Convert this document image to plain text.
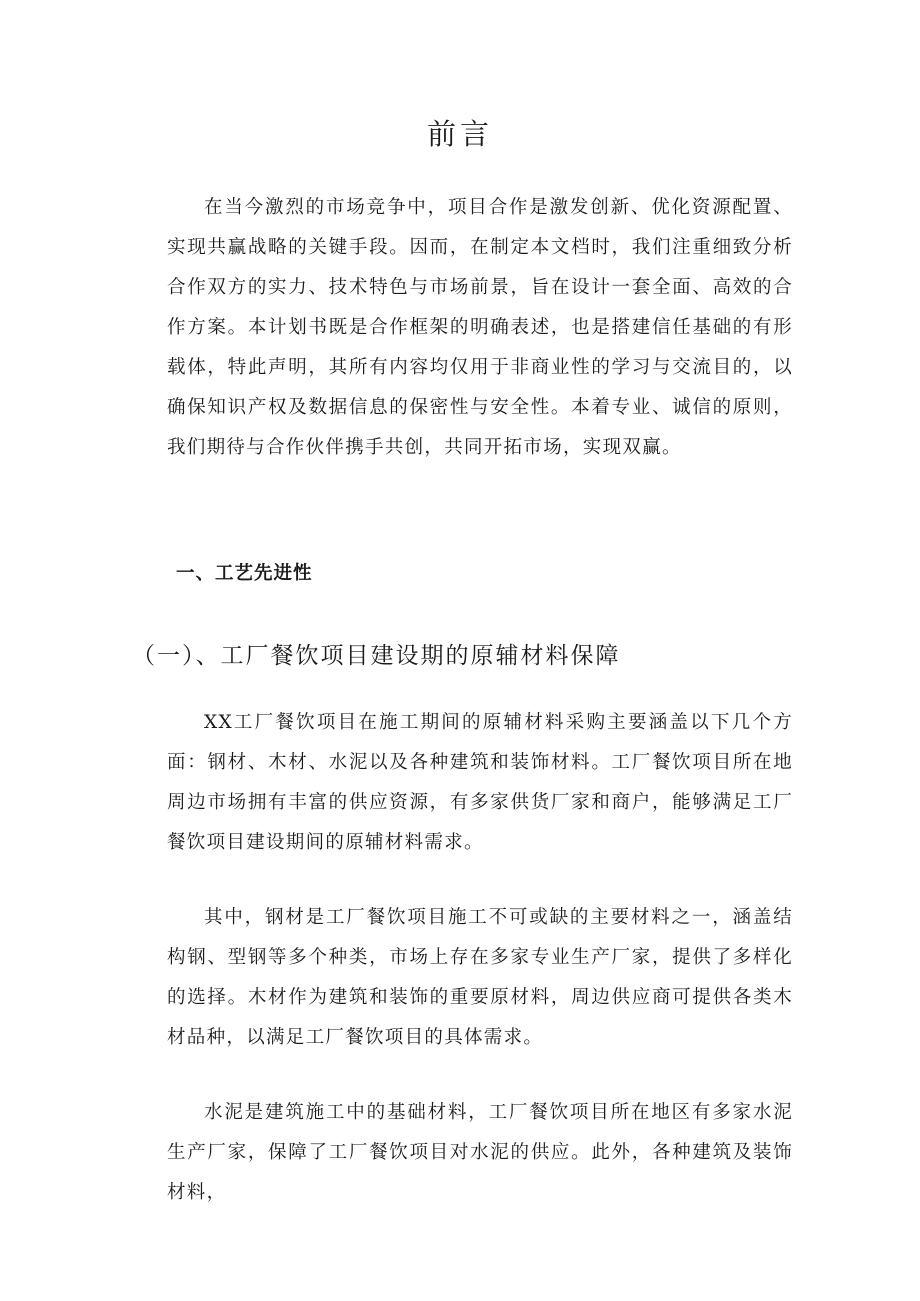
前言

在当今激烈的市场竞争中，项目合作是激发创新、优化资源配置、实现共赢战略的关键手段。因而，在制定本文档时，我们注重细致分析合作双方的实力、技术特色与市场前景，旨在设计一套全面、高效的合作方案。本计划书既是合作框架的明确表述，也是搭建信任基础的有形载体，特此声明，其所有内容均仅用于非商业性的学习与交流目的，以确保知识产权及数据信息的保密性与安全性。本着专业、诚信的原则，我们期待与合作伙伴携手共创，共同开拓市场，实现双赢。

一、工艺先进性
（一）、工厂餐饮项目建设期的原辅材料保障

XX工厂餐饮项目在施工期间的原辅材料采购主要涵盖以下几个方面：钢材、木材、水泥以及各种建筑和装饰材料。工厂餐饮项目所在地周边市场拥有丰富的供应资源，有多家供货厂家和商户，能够满足工厂餐饮项目建设期间的原辅材料需求。

其中，钢材是工厂餐饮项目施工不可或缺的主要材料之一，涵盖结构钢、型钢等多个种类，市场上存在多家专业生产厂家，提供了多样化的选择。木材作为建筑和装饰的重要原材料，周边供应商可提供各类木材品种，以满足工厂餐饮项目的具体需求。

水泥是建筑施工中的基础材料，工厂餐饮项目所在地区有多家水泥生产厂家，保障了工厂餐饮项目对水泥的供应。此外，各种建筑及装饰材料，
